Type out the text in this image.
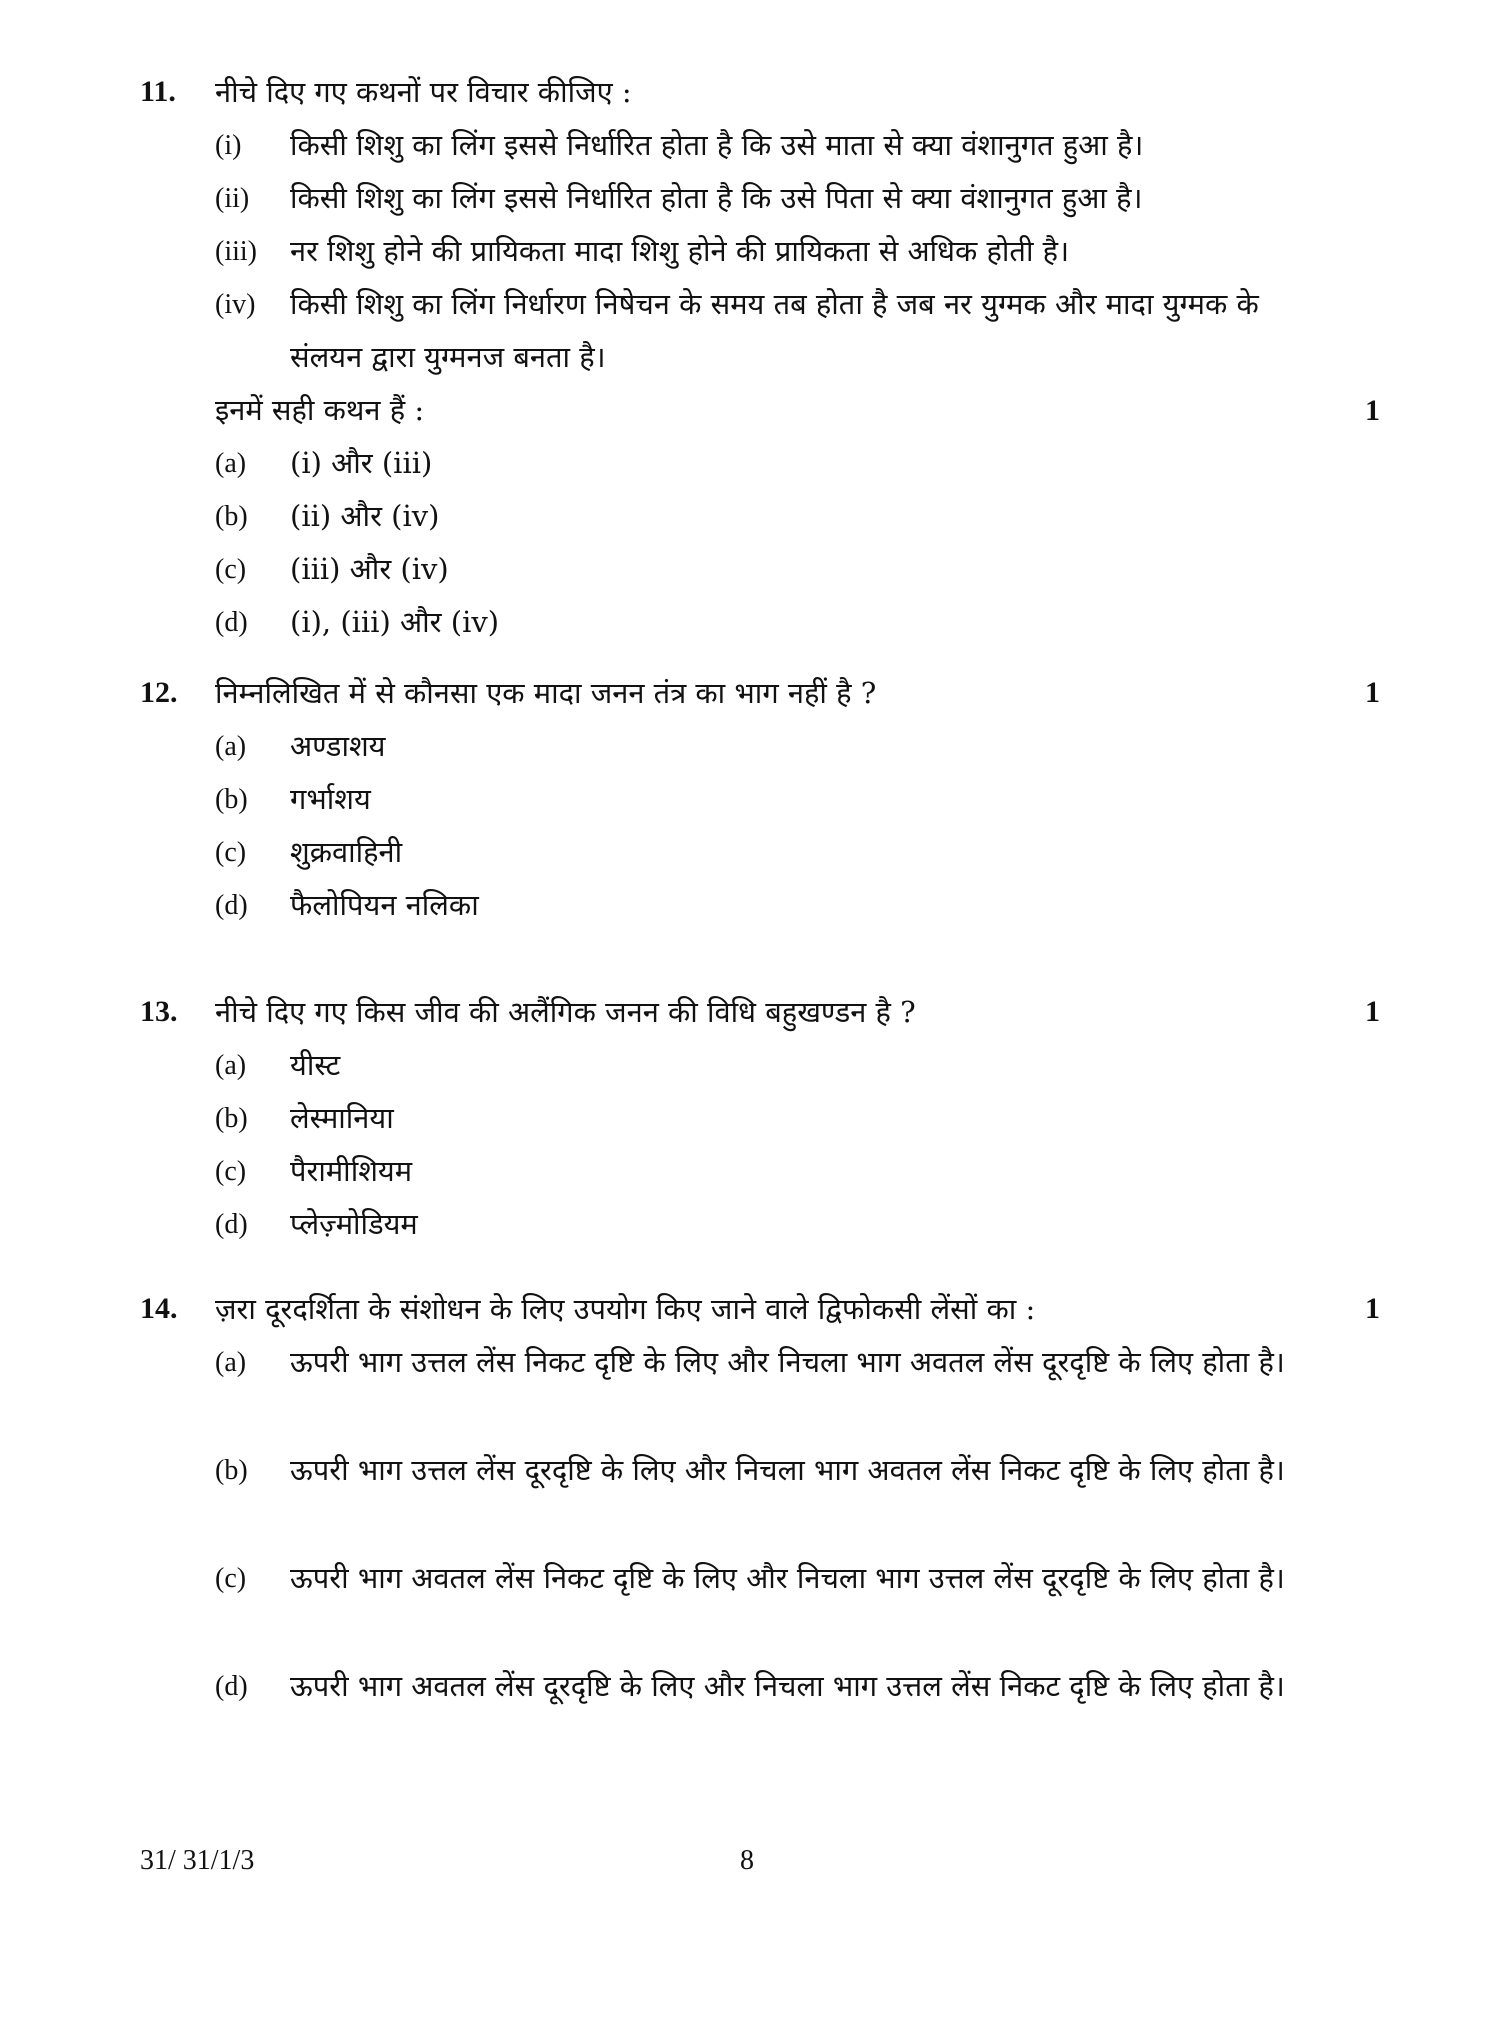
11. नीचे दिए गए कथनों पर विचार कीजिए :
(i) किसी शिशु का लिंग इससे निर्धारित होता है कि उसे माता से क्या वंशानुगत हुआ है।
(ii) किसी शिशु का लिंग इससे निर्धारित होता है कि उसे पिता से क्या वंशानुगत हुआ है।
(iii) नर शिशु होने की प्रायिकता मादा शिशु होने की प्रायिकता से अधिक होती है।
(iv) किसी शिशु का लिंग निर्धारण निषेचन के समय तब होता है जब नर युग्मक और मादा युग्मक के संलयन द्वारा युग्मनज बनता है।
इनमें सही कथन हैं :	1
(a) (i) और (iii)
(b) (ii) और (iv)
(c) (iii) और (iv)
(d) (i), (iii) और (iv)
12. निम्नलिखित में से कौनसा एक मादा जनन तंत्र का भाग नहीं है ?	1
(a) अण्डाशय
(b) गर्भाशय
(c) शुक्रवाहिनी
(d) फैलोपियन नलिका
13. नीचे दिए गए किस जीव की अलैंगिक जनन की विधि बहुखण्डन है ?	1
(a) यीस्ट
(b) लेस्मानिया
(c) पैरामीशियम
(d) प्लेज़्मोडियम
14. ज़रा दूरदर्शिता के संशोधन के लिए उपयोग किए जाने वाले द्विफोकसी लेंसों का :	1
(a) ऊपरी भाग उत्तल लेंस निकट दृष्टि के लिए और निचला भाग अवतल लेंस दूरदृष्टि के लिए होता है।
(b) ऊपरी भाग उत्तल लेंस दूरदृष्टि के लिए और निचला भाग अवतल लेंस निकट दृष्टि के लिए होता है।
(c) ऊपरी भाग अवतल लेंस निकट दृष्टि के लिए और निचला भाग उत्तल लेंस दूरदृष्टि के लिए होता है।
(d) ऊपरी भाग अवतल लेंस दूरदृष्टि के लिए और निचला भाग उत्तल लेंस निकट दृष्टि के लिए होता है।
31/ 31/1/3	8
